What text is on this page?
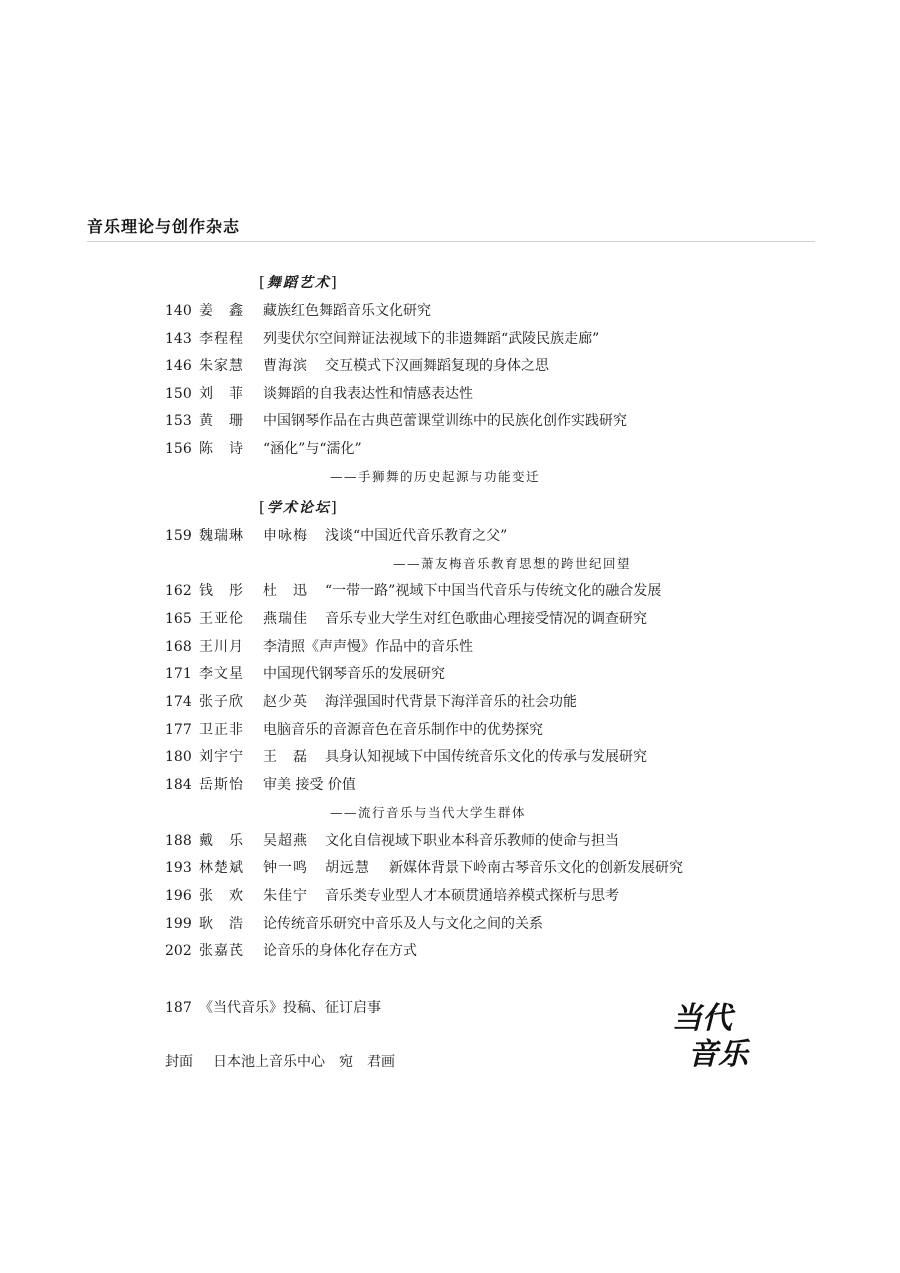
音乐理论与创作杂志
[舞蹈艺术]
140 姜　鑫 藏族红色舞蹈音乐文化研究
143 李程程 列斐伏尔空间辩证法视域下的非遗舞蹈“武陵民族走廊”
146 朱家慧 曹海滨 交互模式下汉画舞蹈复现的身体之思
150 刘　菲 谈舞蹈的自我表达性和情感表达性
153 黄　珊 中国钢琴作品在古典芭蕾课堂训练中的民族化创作实践研究
156 陈　诗 “涵化”与“濡化”
——手狮舞的历史起源与功能变迁
[学术论坛]
159 魏瑞琳 申咏梅 浅谈“中国近代音乐教育之父”
——萧友梅音乐教育思想的跨世纪回望
162 钱　彤 杜　迅 “一带一路”视域下中国当代音乐与传统文化的融合发展
165 王亚伦 燕瑞佳 音乐专业大学生对红色歌曲心理接受情况的调查研究
168 王川月 李清照《声声慢》作品中的音乐性
171 李文星 中国现代钢琴音乐的发展研究
174 张子欣 赵少英 海洋强国时代背景下海洋音乐的社会功能
177 卫正非 电脑音乐的音源音色在音乐制作中的优势探究
180 刘宇宁 王　磊 具身认知视域下中国传统音乐文化的传承与发展研究
184 岳斯怡 审美 接受 价值
——流行音乐与当代大学生群体
188 戴　乐 吴超燕 文化自信视域下职业本科音乐教师的使命与担当
193 林楚斌 钟一鸣 胡远慧 新媒体背景下岭南古琴音乐文化的创新发展研究
196 张　欢 朱佳宁 音乐类专业型人才本硕贯通培养模式探析与思考
199 耿　浩 论传统音乐研究中音乐及人与文化之间的关系
202 张嘉芪 论音乐的身体化存在方式
187 《当代音乐》投稿、征订启事
封面 日本池上音乐中心　宛　君画
当代
音乐
